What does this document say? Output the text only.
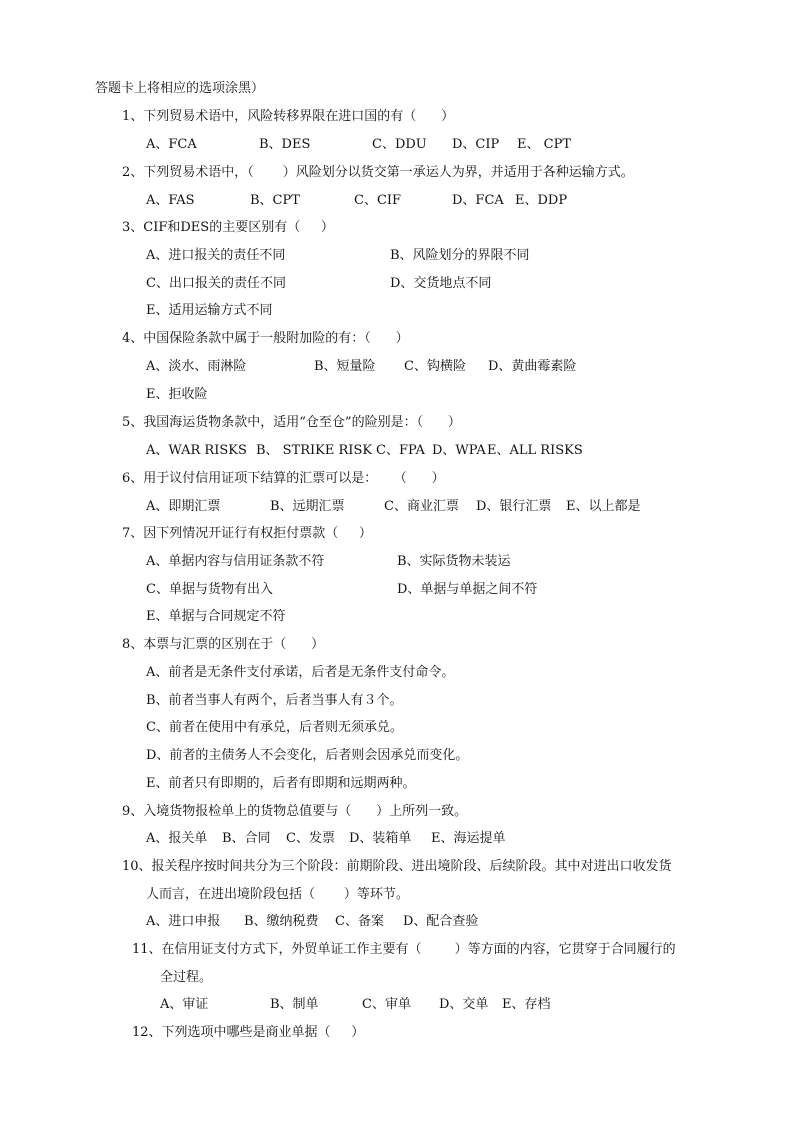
答题卡上将相应的选项涂黑）
1、下列贸易术语中，风险转移界限在进口国的有（      ）
A、FCA	B、DES	C、DDU D、CIP E、 CPT
2、下列贸易术语中，（       ）风险划分以货交第一承运人为界，并适用于各种运输方式。
A、FAS	B、CPT	C、CIF	D、FCA E、DDP
3、CIF和DES的主要区别有（     ）
A、进口报关的责任不同	B、风险划分的界限不同
C、出口报关的责任不同	D、交货地点不同
E、适用运输方式不同
4、中国保险条款中属于一般附加险的有：（      ）
A、淡水、雨淋险	B、短量险 C、钩横险 D、黄曲霉素险
E、拒收险
5、我国海运货物条款中，适用“仓至仓”的险别是：（      ）
A、WAR RISKS B、 STRIKE RISK C、FPA D、WPA E、ALL RISKS
6、用于议付信用证项下结算的汇票可以是：    （      ）
A、即期汇票	B、远期汇票	C、商业汇票 D、银行汇票 E、以上都是
7、因下列情况开证行有权拒付票款（     ）
A、单据内容与信用证条款不符	B、实际货物未装运
C、单据与货物有出入	D、单据与单据之间不符
E、单据与合同规定不符
8、本票与汇票的区别在于（      ）
A、前者是无条件支付承诺，后者是无条件支付命令。
B、前者当事人有两个，后者当事人有３个。
C、前者在使用中有承兑，后者则无须承兑。
D、前者的主债务人不会变化，后者则会因承兑而变化。
E、前者只有即期的，后者有即期和远期两种。
9、入境货物报检单上的货物总值要与（      ）上所列一致。
A、报关单 B、合同 C、发票 D、装箱单 E、海运提单
10、报关程序按时间共分为三个阶段：前期阶段、进出境阶段、后续阶段。其中对进出口收发货
人而言，在进出境阶段包括（       ）等环节。
A、进口申报 B、缴纳税费 C、备案 D、配合查验
11、在信用证支付方式下，外贸单证工作主要有（        ）等方面的内容，它贯穿于合同履行的
全过程。
A、审证	B、制单	C、审单 D、交单 E、存档
12、下列选项中哪些是商业单据（     ）
